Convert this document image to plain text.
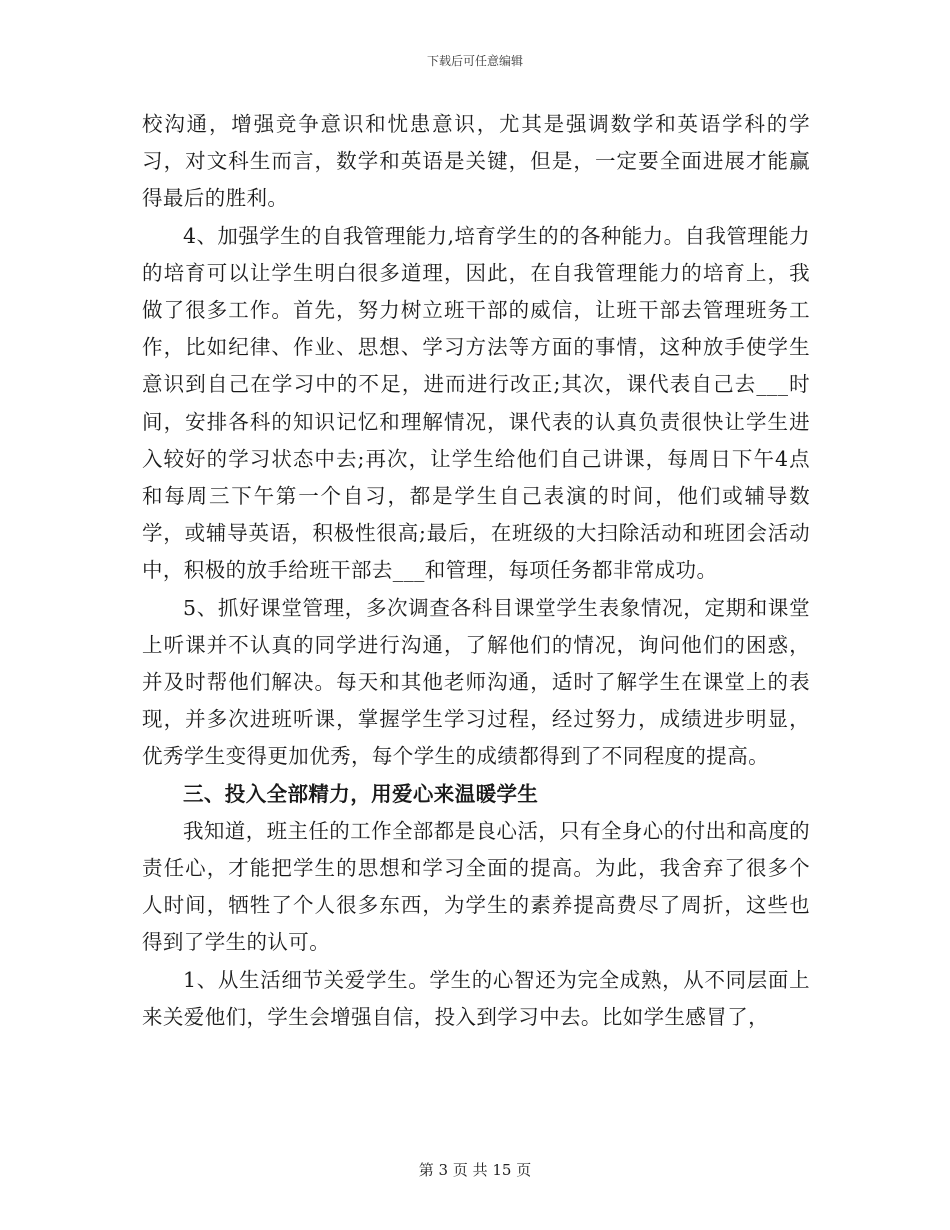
下载后可任意编辑

校沟通，增强竞争意识和忧患意识，尤其是强调数学和英语学科的学习，对文科生而言，数学和英语是关键，但是，一定要全面进展才能赢得最后的胜利。

4、加强学生的自我管理能力,培育学生的的各种能力。自我管理能力的培育可以让学生明白很多道理，因此，在自我管理能力的培育上，我做了很多工作。首先，努力树立班干部的威信，让班干部去管理班务工作，比如纪律、作业、思想、学习方法等方面的事情，这种放手使学生意识到自己在学习中的不足，进而进行改正;其次，课代表自己去___时间，安排各科的知识记忆和理解情况，课代表的认真负责很快让学生进入较好的学习状态中去;再次，让学生给他们自己讲课，每周日下午4点和每周三下午第一个自习，都是学生自己表演的时间，他们或辅导数学，或辅导英语，积极性很高;最后，在班级的大扫除活动和班团会活动中，积极的放手给班干部去___和管理，每项任务都非常成功。

5、抓好课堂管理，多次调查各科目课堂学生表象情况，定期和课堂上听课并不认真的同学进行沟通，了解他们的情况，询问他们的困惑，并及时帮他们解决。每天和其他老师沟通，适时了解学生在课堂上的表现，并多次进班听课，掌握学生学习过程，经过努力，成绩进步明显，优秀学生变得更加优秀，每个学生的成绩都得到了不同程度的提高。

三、投入全部精力，用爱心来温暖学生

我知道，班主任的工作全部都是良心活，只有全身心的付出和高度的责任心，才能把学生的思想和学习全面的提高。为此，我舍弃了很多个人时间，牺牲了个人很多东西，为学生的素养提高费尽了周折，这些也得到了学生的认可。

1、从生活细节关爱学生。学生的心智还为完全成熟，从不同层面上来关爱他们，学生会增强自信，投入到学习中去。比如学生感冒了，

第 3 页 共 15 页
